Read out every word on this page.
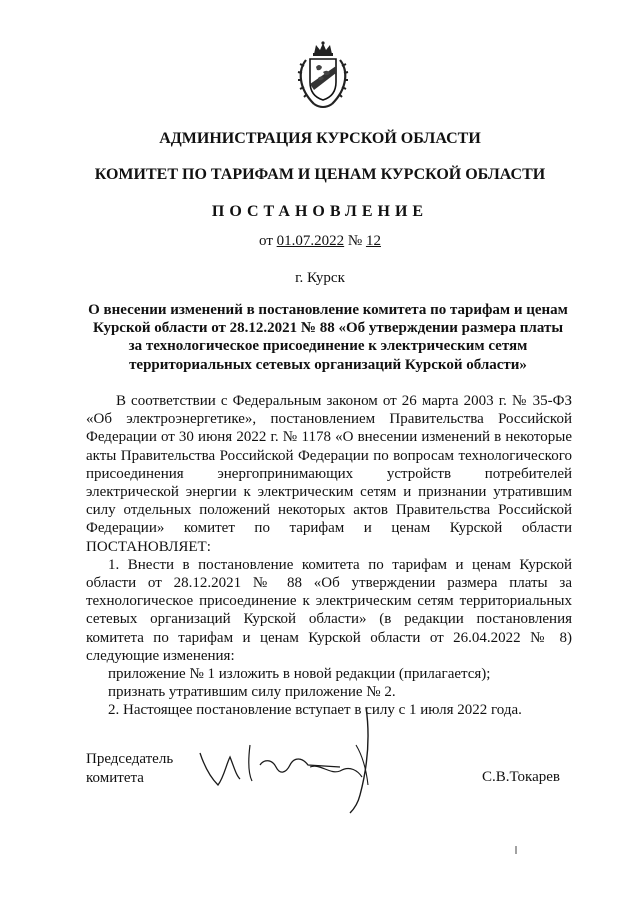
АДМИНИСТРАЦИЯ КУРСКОЙ ОБЛАСТИ
КОМИТЕТ ПО ТАРИФАМ И ЦЕНАМ КУРСКОЙ ОБЛАСТИ
ПОСТАНОВЛЕНИЕ
от 01.07.2022 № 12
г. Курск
О внесении изменений в постановление комитета по тарифам и ценам
Курской области от 28.12.2021 № 88 «Об утверждении размера платы
за технологическое присоединение к электрическим сетям
территориальных сетевых организаций Курской области»

В соответствии с Федеральным законом от 26 марта 2003 г. № 35-ФЗ

«Об электроэнергетике», постановлением Правительства Российской

Федерации от 30 июня 2022 г. № 1178 «О внесении изменений в некоторые

акты Правительства Российской Федерации по вопросам технологического

присоединения энергопринимающих устройств потребителей

электрической энергии к электрическим сетям и признании утратившим

силу отдельных положений некоторых актов Правительства Российской

Федерации» комитет по тарифам и ценам Курской области

ПОСТАНОВЛЯЕТ:

1. Внести в постановление комитета по тарифам и ценам Курской

области от 28.12.2021 № 88 «Об утверждении размера платы за

технологическое присоединение к электрическим сетям территориальных

сетевых организаций Курской области» (в редакции постановления

комитета по тарифам и ценам Курской области от 26.04.2022 № 8)

следующие изменения:

приложение № 1 изложить в новой редакции (прилагается);

признать утратившим силу приложение № 2.

2. Настоящее постановление вступает в силу с 1 июля 2022 года.

Председатель
комитета	С.В.Токарев
